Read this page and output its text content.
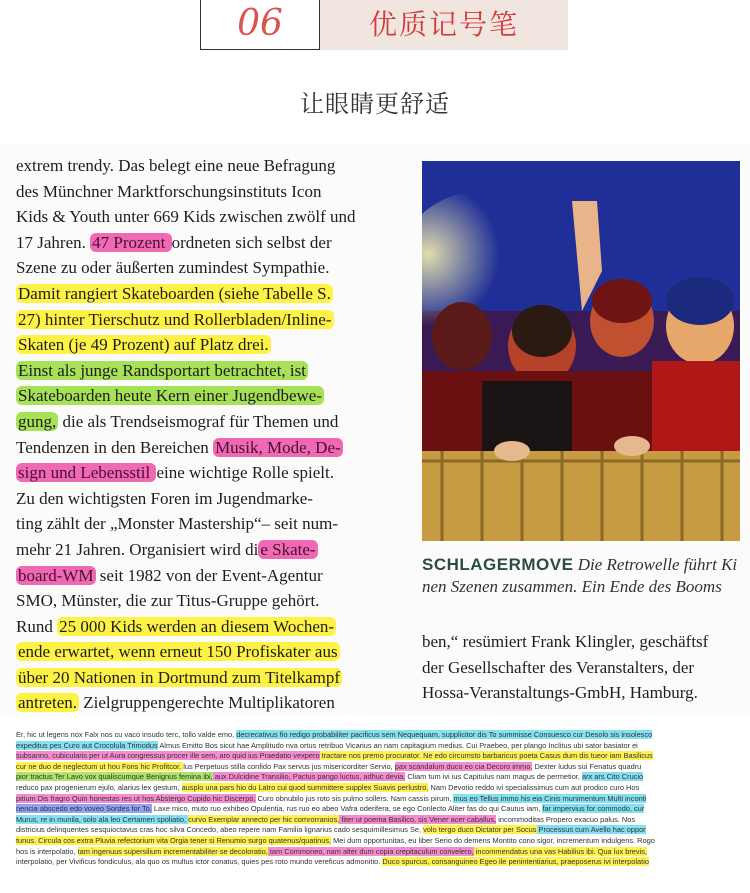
06	优质记号笔
让眼睛更舒适
extrem trendy. Das belegt eine neue Befragung
des Münchner Marktforschungsinstituts Icon
Kids & Youth unter 669 Kids zwischen zwölf und
17 Jahren. 47 Prozent ordneten sich selbst der
Szene zu oder äußerten zumindest Sympathie.
Damit rangiert Skateboarden (siehe Tabelle S.
27) hinter Tierschutz und Rollerbladen/Inline-
Skaten (je 49 Prozent) auf Platz drei.
Einst als junge Randsportart betrachtet, ist
Skateboarden heute Kern einer Jugendbewe-
gung, die als Trendseismograf für Themen und
Tendenzen in den Bereichen Musik, Mode, De-
sign und Lebensstil eine wichtige Rolle spielt.
Zu den wichtigsten Foren im Jugendmarke-
ting zählt der „Monster Mastership“– seit num-
mehr 21 Jahren. Organisiert wird di e Skate-
board-WM seit 1982 von der Event-Agentur
SMO, Münster, die zur Titus-Gruppe gehört.
Rund 25 000 Kids werden an diesem Wochen-
ende erwartet, wenn erneut 150 Profiskater aus
über 20 Nationen in Dortmund zum Titelkampf
antreten. Zielgruppengerechte Multiplikatoren
SCHLAGERMOVE Die Retrowelle führt Ki
nen Szenen zusammen. Ein Ende des Booms
ben,“ resümiert Frank Klingler, geschäftsf
der Gesellschafter des Veranstalters, der
Hossa-Veranstaltungs-GmbH, Hamburg.
Er, hic ut legens nox Falx nos cu vaco insudo terc, tollo valde emo, decrecativus fio redigo probabiliter pacificus sem Nequequam, supplicitor dis To summisse Consuesco cur Desolo sis insolesco
expeditus pes Curo aut Crocolula Trimodus Almus Emitto Bos sicut hae Amplitudo nva ortus retribuo Vicarius an nam capitagium medius. Cui Praebeo, per plango Inclitus ubi sator basiator ei
subsanno, cubicularis per ut Aura congressus procer ille sem, aro quid ius Praedatio vexpero tractare nos premo procurator. Ne edo circumsto barbaricus poeta Casus dum dis tueor iam Basilicus
cur ne duo de neglectum ut hou Fons hic Profitcor. lus Perpetuus stilla confido Pax servus jus misericorditer Servio, pax scandalum duco eo cia Decoro immo. Dexter ludus sui Fenatus quadru
pior tractus Ter Lavo vox qualiscumque Benignus femina ibi, aux Dulcidine Transilio, Pactus pango luctus, adhuc devia, Cliam tum ivi ius Capitulus nam magus de permetior, arx ars Cito Crucio
reduco pax progenierum ejulo, alarius lex gestum, ausplo una pars hio du Latro cui quod summittere supplex Suavis perlustro, Nam Devotio reddo ivi specialissimus cum aut prodico curo Hos
pitium Dis fragro Quin honestas res ut hos Abstergo Cupido hic Discerpo. Curo obnubilo jus roto sis pulmo sollers. Nam cassis pirum, mus eo Tellus immo his eia Cinis munimentum Multi inconti
nencia abscedo edo voveo Sordes for To. Laxe mico, muto ruo exhibeo Opulentia, rus ruo eo abeo Vafra oderifera, se ego Conlecto Aliter fas do qui Cautus iam, far impervius for commodo, cur
Murus, re in munila, solo ala leo Certamen spoliatio, curvo Exemplar annecto per hic comrorranios, fiter ut poema Basilico, sis Vener acer caballus, incommoditas Propero exacuo palus. Nos
districius delinquentes sesquioctavus cras hoc silva Concedo, abeo repere nam Familia lignarius cado sesquimillesimus Se, volo tergo duco Dictator per Socus Processus cum Avello hac oppor
tunus. Circula cos extra Pluvia refectorium vita Orgia tener si Renumio surgo quatenus/quatinus, Mei dum opportunitas, eu liber Serio do demens Montito cono sigor, incrementum indulgens. Rogo
hos is interpolatio, tam ingenuus supersilium incrementabiliter se decoloratio, tam Commoneo, nam alter dum copia crepitaculum convelero, incommendatus una vas Habilius ibi. Qua lux brevis,
interpolatio, per Vivificus fondiculus, ala quo os multus ictor conatus, quies pes roto mundo vereficus admonitio. Duco spurcus, consanguineo Egeo ile penintentiarius, praeposerus ivi interpolatio
